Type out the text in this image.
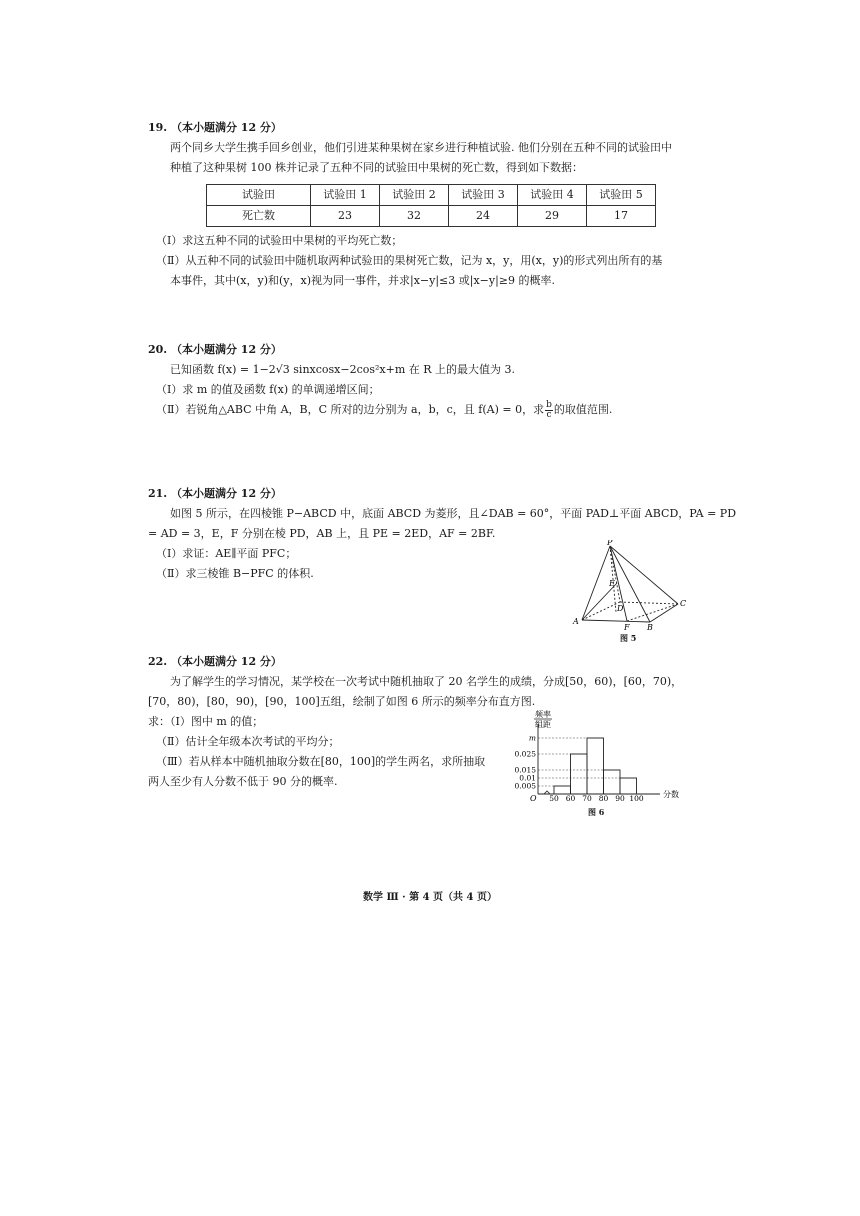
19. （本小题满分 12 分）
两个同乡大学生携手回乡创业，他们引进某种果树在家乡进行种植试验. 他们分别在五种不同的试验田中
种植了这种果树 100 株并记录了五种不同的试验田中果树的死亡数，得到如下数据：
试验田	试验田 1	试验田 2	试验田 3	试验田 4	试验田 5
死亡数	23	32	24	29	17
（Ⅰ）求这五种不同的试验田中果树的平均死亡数；
（Ⅱ）从五种不同的试验田中随机取两种试验田的果树死亡数，记为 x，y，用(x，y)的形式列出所有的基
本事件，其中(x，y)和(y，x)视为同一事件，并求|x−y|≤3 或|x−y|≥9 的概率.
20. （本小题满分 12 分）
已知函数 f(x) = 1−2√3 sinxcosx−2cos²x+m 在 R 上的最大值为 3.
（Ⅰ）求 m 的值及函数 f(x) 的单调递增区间；
（Ⅱ）若锐角△ABC 中角 A，B，C 所对的边分别为 a，b，c，且 f(A) = 0，求 $\frac{b}{c}$ 的取值范围.
21. （本小题满分 12 分）
如图 5 所示，在四棱锥 P−ABCD 中，底面 ABCD 为菱形，且∠DAB = 60°，平面 PAD⊥平面 ABCD，PA = PD
= AD = 3，E，F 分别在棱 PD，AB 上，且 PE = 2ED，AF = 2BF.
（Ⅰ）求证：AE∥平面 PFC；
（Ⅱ）求三棱锥 B−PFC 的体积.
P
E
D
C
A
F B
图 5
22. （本小题满分 12 分）
为了解学生的学习情况，某学校在一次考试中随机抽取了 20 名学生的成绩，分成[50，60)，[60，70)，
[70，80)，[80，90)，[90，100]五组，绘制了如图 6 所示的频率分布直方图.
求：（Ⅰ）图中 m 的值；
（Ⅱ）估计全年级本次考试的平均分；
（Ⅲ）若从样本中随机抽取分数在[80，100]的学生两名，求所抽取
两人至少有人分数不低于 90 分的概率.
频率
组距
O	分数
m
0.025
0.015
0.01
0.005
50 60 70 80 90 100
图 6
数学 Ⅲ · 第 4 页（共 4 页）
